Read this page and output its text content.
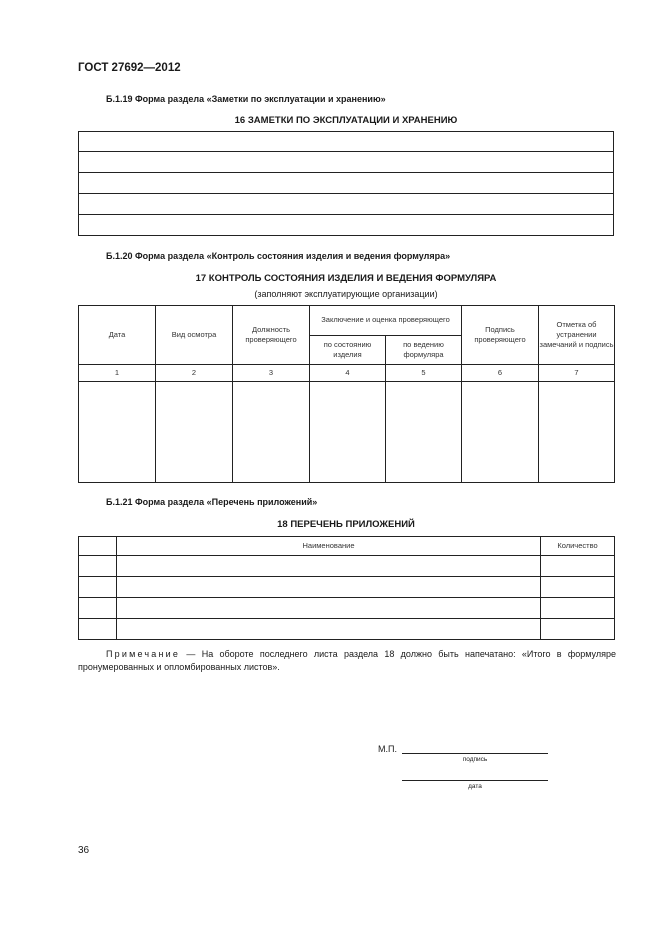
ГОСТ 27692—2012
Б.1.19 Форма раздела «Заметки по эксплуатации и хранению»
16 ЗАМЕТКИ ПО ЭКСПЛУАТАЦИИ И ХРАНЕНИЮ

Б.1.20 Форма раздела «Контроль состояния изделия и ведения формуляра»
17 КОНТРОЛЬ СОСТОЯНИЯ ИЗДЕЛИЯ И ВЕДЕНИЯ ФОРМУЛЯРА
(заполняют эксплуатирующие организации)
Дата	Вид осмотра	Должность проверяющего	Заключение и оценка проверяющего		Подпись проверяющего	Отметка об устранении замечаний и подпись
			по состоянию изделия	по ведению формуляра		
1	2	3	4	5	6	7

Б.1.21 Форма раздела «Перечень приложений»
18 ПЕРЕЧЕНЬ ПРИЛОЖЕНИЙ
	Наименование	Количество

Примечание — На обороте последнего листа раздела 18 должно быть напечатано: «Итого в формуляре пронумерованных и опломбированных листов».
М.П.
подпись
дата
36
